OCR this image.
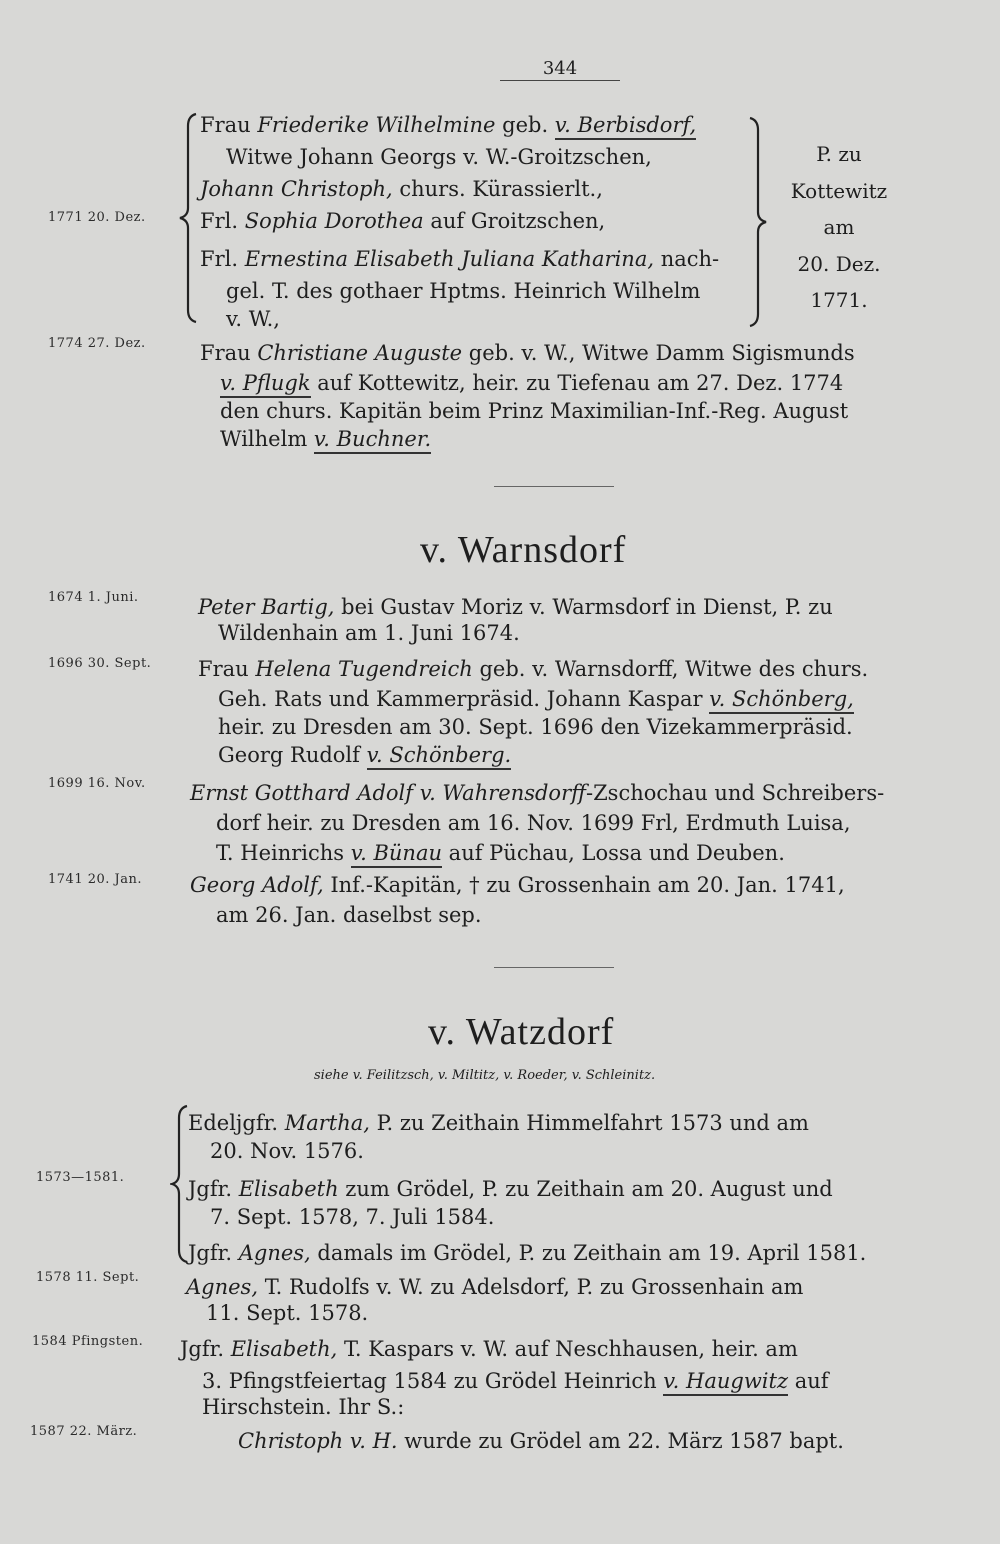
344
1771 20. Dez.
Frau Friederike Wilhelmine geb. v. Berbisdorf,
Witwe Johann Georgs v. W.-Groitzschen,
Johann Christoph, churs. Kürassierlt.,
Frl. Sophia Dorothea auf Groitzschen,
Frl. Ernestina Elisabeth Juliana Katharina, nach-
gel. T. des gothaer Hptms. Heinrich Wilhelm
v. W.,
P. zu
Kottewitz
am
20. Dez.
1771.
1774 27. Dez.	Frau Christiane Auguste geb. v. W., Witwe Damm Sigismunds
v. Pflugk auf Kottewitz, heir. zu Tiefenau am 27. Dez. 1774
den churs. Kapitän beim Prinz Maximilian-Inf.-Reg. August
Wilhelm v. Buchner.
v. Warnsdorf
1674 1. Juni.	Peter Bartig, bei Gustav Moriz v. Warmsdorf in Dienst, P. zu
Wildenhain am 1. Juni 1674.
1696 30. Sept. Frau Helena Tugendreich geb. v. Warnsdorff, Witwe des churs.
Geh. Rats und Kammerpräsid. Johann Kaspar v. Schönberg,
heir. zu Dresden am 30. Sept. 1696 den Vizekammerpräsid.
Georg Rudolf v. Schönberg.
1699 16. Nov. Ernst Gotthard Adolf v. Wahrensdorff-Zschochau und Schreibers-
dorf heir. zu Dresden am 16. Nov. 1699 Frl, Erdmuth Luisa,
T. Heinrichs v. Bünau auf Püchau, Lossa und Deuben.
1741 20. Jan. Georg Adolf, Inf.-Kapitän, † zu Grossenhain am 20. Jan. 1741,
am 26. Jan. daselbst sep.
v. Watzdorf
siehe v. Feilitzsch, v. Miltitz, v. Roeder, v. Schleinitz.
1573—1581.
Edeljgfr. Martha, P. zu Zeithain Himmelfahrt 1573 und am
20. Nov. 1576.
Jgfr. Elisabeth zum Grödel, P. zu Zeithain am 20. August und
7. Sept. 1578, 7. Juli 1584.
Jgfr. Agnes, damals im Grödel, P. zu Zeithain am 19. April 1581.
1578 11. Sept. Agnes, T. Rudolfs v. W. zu Adelsdorf, P. zu Grossenhain am
11. Sept. 1578.
1584 Pfingsten. Jgfr. Elisabeth, T. Kaspars v. W. auf Neschhausen, heir. am
3. Pfingstfeiertag 1584 zu Grödel Heinrich v. Haugwitz auf
Hirschstein. Ihr S.:
1587 22. März.	Christoph v. H. wurde zu Grödel am 22. März 1587 bapt.
